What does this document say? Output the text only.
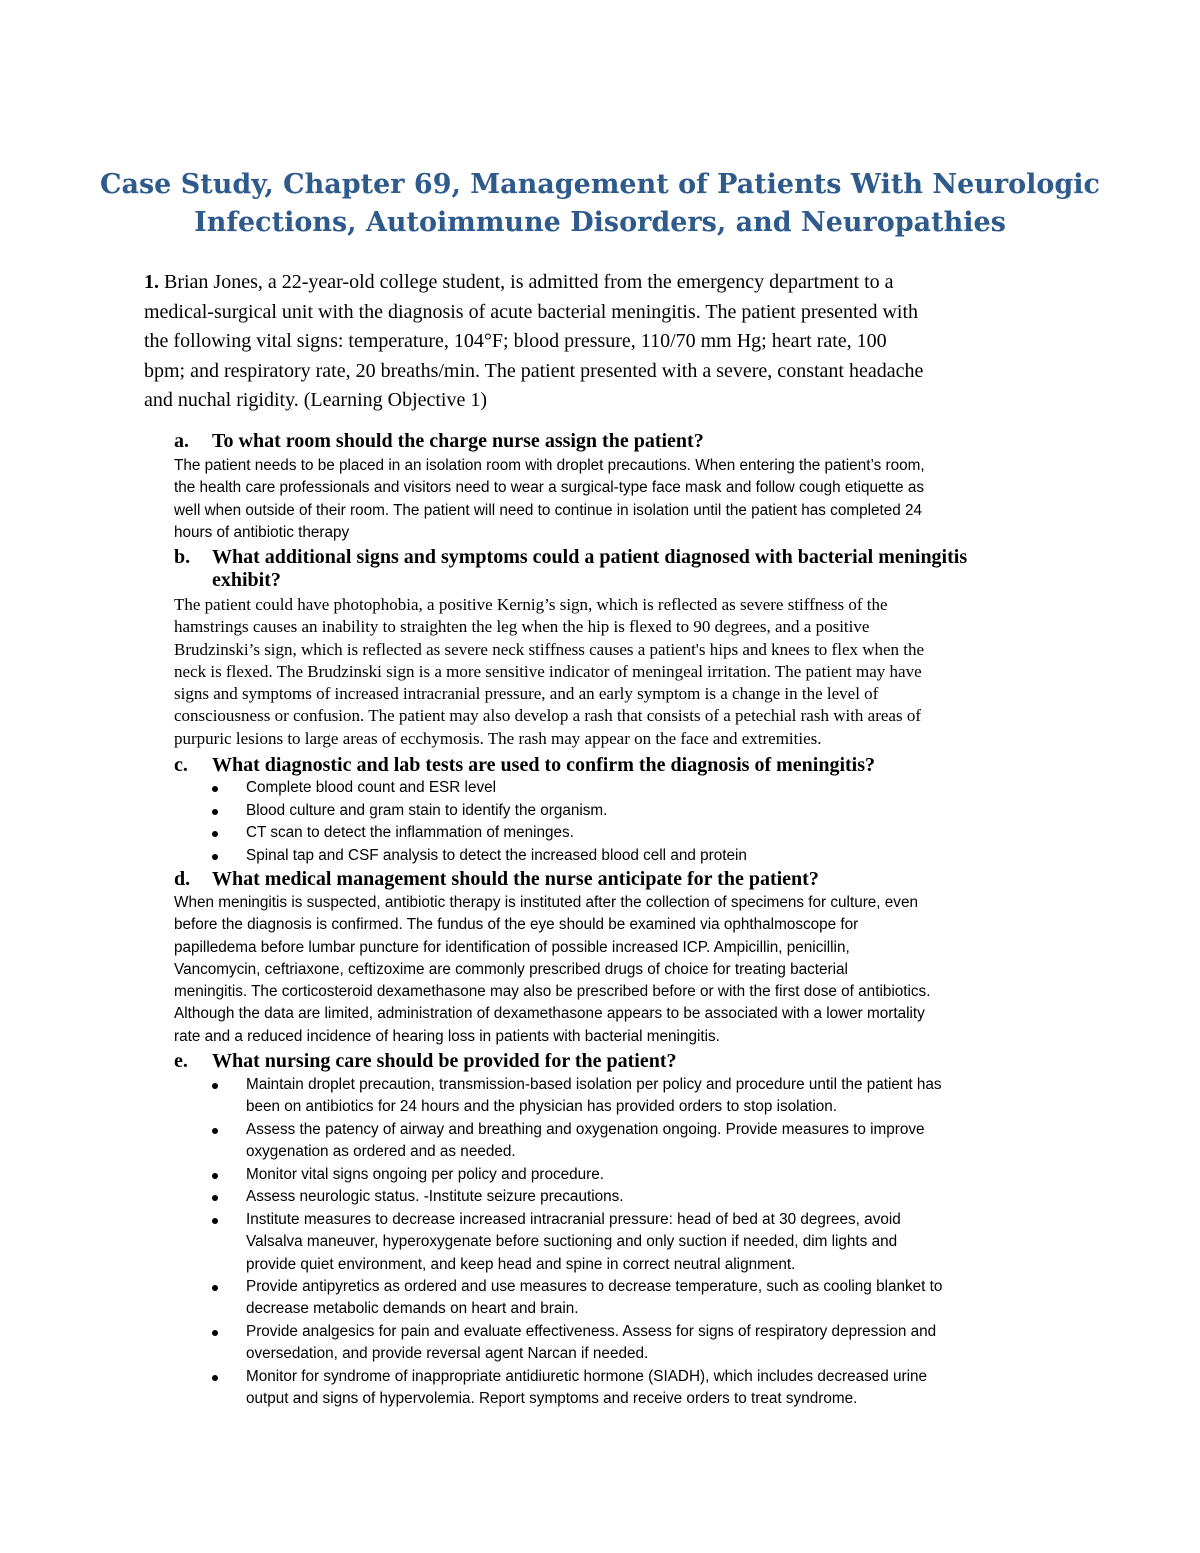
Case Study, Chapter 69, Management of Patients With Neurologic
Infections, Autoimmune Disorders, and Neuropathies
1. Brian Jones, a 22-year-old college student, is admitted from the emergency department to a
medical-surgical unit with the diagnosis of acute bacterial meningitis. The patient presented with
the following vital signs: temperature, 104°F; blood pressure, 110/70 mm Hg; heart rate, 100
bpm; and respiratory rate, 20 breaths/min. The patient presented with a severe, constant headache
and nuchal rigidity. (Learning Objective 1)
a. To what room should the charge nurse assign the patient?
The patient needs to be placed in an isolation room with droplet precautions. When entering the patient’s room,
the health care professionals and visitors need to wear a surgical-type face mask and follow cough etiquette as
well when outside of their room. The patient will need to continue in isolation until the patient has completed 24
hours of antibiotic therapy
b. What additional signs and symptoms could a patient diagnosed with bacterial meningitis
exhibit?
The patient could have photophobia, a positive Kernig’s sign, which is reflected as severe stiffness of the
hamstrings causes an inability to straighten the leg when the hip is flexed to 90 degrees, and a positive
Brudzinski’s sign, which is reflected as severe neck stiffness causes a patient's hips and knees to flex when the
neck is flexed. The Brudzinski sign is a more sensitive indicator of meningeal irritation. The patient may have
signs and symptoms of increased intracranial pressure, and an early symptom is a change in the level of
consciousness or confusion. The patient may also develop a rash that consists of a petechial rash with areas of
purpuric lesions to large areas of ecchymosis. The rash may appear on the face and extremities.
c. What diagnostic and lab tests are used to confirm the diagnosis of meningitis?
Complete blood count and ESR level
Blood culture and gram stain to identify the organism.
CT scan to detect the inflammation of meninges.
Spinal tap and CSF analysis to detect the increased blood cell and protein
d. What medical management should the nurse anticipate for the patient?
When meningitis is suspected, antibiotic therapy is instituted after the collection of specimens for culture, even
before the diagnosis is confirmed. The fundus of the eye should be examined via ophthalmoscope for
papilledema before lumbar puncture for identification of possible increased ICP. Ampicillin, penicillin,
Vancomycin, ceftriaxone, ceftizoxime are commonly prescribed drugs of choice for treating bacterial
meningitis. The corticosteroid dexamethasone may also be prescribed before or with the first dose of antibiotics.
Although the data are limited, administration of dexamethasone appears to be associated with a lower mortality
rate and a reduced incidence of hearing loss in patients with bacterial meningitis.
e. What nursing care should be provided for the patient?
Maintain droplet precaution, transmission-based isolation per policy and procedure until the patient has
been on antibiotics for 24 hours and the physician has provided orders to stop isolation.
Assess the patency of airway and breathing and oxygenation ongoing. Provide measures to improve
oxygenation as ordered and as needed.
Monitor vital signs ongoing per policy and procedure.
Assess neurologic status. -Institute seizure precautions.
Institute measures to decrease increased intracranial pressure: head of bed at 30 degrees, avoid
Valsalva maneuver, hyperoxygenate before suctioning and only suction if needed, dim lights and
provide quiet environment, and keep head and spine in correct neutral alignment.
Provide antipyretics as ordered and use measures to decrease temperature, such as cooling blanket to
decrease metabolic demands on heart and brain.
Provide analgesics for pain and evaluate effectiveness. Assess for signs of respiratory depression and
oversedation, and provide reversal agent Narcan if needed.
Monitor for syndrome of inappropriate antidiuretic hormone (SIADH), which includes decreased urine
output and signs of hypervolemia. Report symptoms and receive orders to treat syndrome.
